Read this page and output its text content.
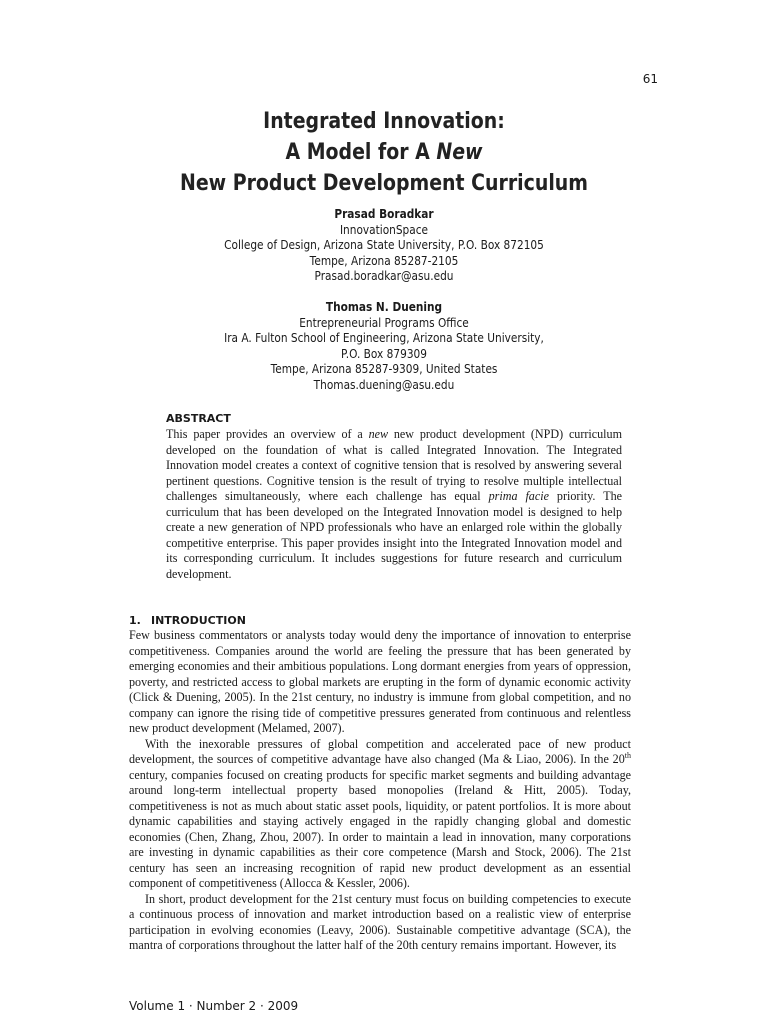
61
Integrated Innovation:
A Model for A New
New Product Development Curriculum
Prasad Boradkar
InnovationSpace
College of Design, Arizona State University, P.O. Box 872105
Tempe, Arizona 85287-2105
Prasad.boradkar@asu.edu
Thomas N. Duening
Entrepreneurial Programs Office
Ira A. Fulton School of Engineering, Arizona State University,
P.O. Box 879309
Tempe, Arizona 85287-9309, United States
Thomas.duening@asu.edu
ABSTRACT
This paper provides an overview of a new new product development (NPD) curriculum developed on the foundation of what is called Integrated Innovation. The Integrated Innovation model creates a context of cognitive tension that is resolved by answering several pertinent questions. Cognitive tension is the result of trying to resolve multiple intellectual challenges simultaneously, where each challenge has equal prima facie priority. The curriculum that has been developed on the Integrated Innovation model is designed to help create a new generation of NPD professionals who have an enlarged role within the globally competitive enterprise. This paper provides insight into the Integrated Innovation model and its corresponding curriculum. It includes suggestions for future research and curriculum development.
1. INTRODUCTION

Few business commentators or analysts today would deny the importance of innovation to enterprise competitiveness. Companies around the world are feeling the pressure that has been generated by emerging economies and their ambitious populations. Long dormant energies from years of oppression, poverty, and restricted access to global markets are erupting in the form of dynamic economic activity (Click & Duening, 2005). In the 21st century, no industry is immune from global competition, and no company can ignore the rising tide of competitive pressures generated from continuous and relentless new product development (Melamed, 2007).

With the inexorable pressures of global competition and accelerated pace of new product development, the sources of competitive advantage have also changed (Ma & Liao, 2006). In the 20th century, companies focused on creating products for specific market segments and building advantage around long-term intellectual property based monopolies (Ireland & Hitt, 2005). Today, competitiveness is not as much about static asset pools, liquidity, or patent portfolios. It is more about dynamic capabilities and staying actively engaged in the rapidly changing global and domestic economies (Chen, Zhang, Zhou, 2007). In order to maintain a lead in innovation, many corporations are investing in dynamic capabilities as their core competence (Marsh and Stock, 2006). The 21st century has seen an increasing recognition of rapid new product development as an essential component of competitiveness (Allocca & Kessler, 2006).

In short, product development for the 21st century must focus on building competencies to execute a continuous process of innovation and market introduction based on a realistic view of enterprise participation in evolving economies (Leavy, 2006). Sustainable competitive advantage (SCA), the mantra of corporations throughout the latter half of the 20th century remains important. However, its

Volume 1 · Number 2 · 2009
